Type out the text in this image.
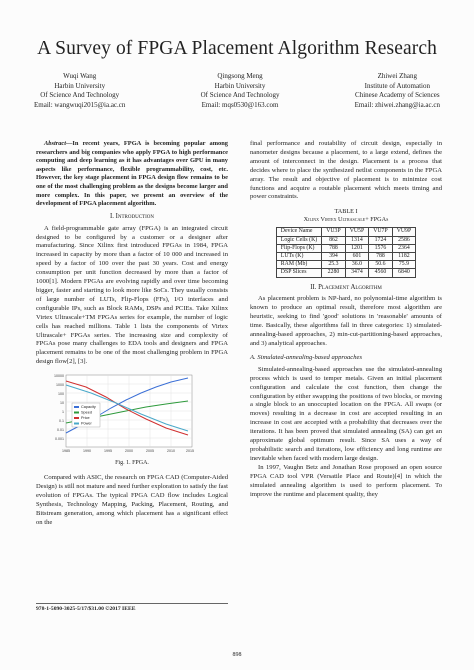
A Survey of FPGA Placement Algorithm Research
Wuqi Wang
Harbin University
Of Science And Technology
Email: wangwuqi2015@ia.ac.cn
Qingsong Meng
Harbin University
Of Science And Technology
Email: mqs0530@163.com
Zhiwei Zhang
Institute of Automation
Chinese Academy of Sciences
Email: zhiwei.zhang@ia.ac.cn
Abstract—In recent years, FPGA is becoming popular among researchers and big companies who apply FPGA to high performance computing and deep learning as it has advantages over GPU in many aspects like performance, flexible programmability, cost, etc. However, the key stage placement in FPGA design flow remains to be one of the most challenging problem as the designs become larger and more complex. In this paper, we present an overview of the development of FPGA placement algorithm.
I. Introduction

A field-programmable gate array (FPGA) is an integrated circuit designed to be configured by a customer or a designer after manufacturing. Since Xilinx first introduced FPGAs in 1984, FPGA increased in capacity by more than a factor of 10 000 and increased in speed by a factor of 100 over the past 30 years. Cost and energy consumption per unit function decreased by more than a factor of 1000[1]. Modern FPGAs are evolving rapidly and over time becoming bigger, faster and starting to look more like SoCs. They usually consists of large number of LUTs, Flip-Flops (FFs), I/O interfaces and configurable IPs, such as Block RAMs, DSPs and PCIEs. Take Xilinx Virtex Ultrascale+TM FPGAs series for example, the number of logic cells has reached millions. Table 1 lists the components of Virtex Ultrascale+ FPGAs series. The increasing size and complexity of FPGAs pose many challenges to EDA tools and designers and FPGA placement remains to be one of the most challenging problem in FPGA design flow[2], [3].

10000
1000
100
10
1
0.1
0.01
0.001
1985	1990	1995	2000	2005	2010	2015
Capacity
Speed
Price
Power
Fig. 1. FPGA.

Compared with ASIC, the research on FPGA CAD (Computer-Aided Design) is still not mature and need further exploration to satisfy the fast evolution of FPGAs. The typical FPGA CAD flow includes Logical Synthesis, Technology Mapping, Packing, Placement, Routing, and Bitstream generation, among which placement has a significant effect on the

final performance and routability of circuit design, especially in nanometer designs because a placement, to a large extend, defines the amount of interconnect in the design. Placement is a process that decides where to place the synthesized netlist components in the FPGA array. The result and objective of placement is to minimize cost functions and acquire a routable placement which meets timing and power constraints.

TABLE I
Xilinx Virtex Ultrascale+ FPGAs
Device Name	VU3P	VU5P	VU7P	VU9P
Logic Cells (K)	862	1314	1724	2586
Flip-Flops (K)	788	1201	1576	2364
LUTs (K)	394	601	788	1182
RAM (Mb)	25.3	36.0	50.6	75.9
DSP Slices	2280	3474	4560	6840
II. Placement Algorithm

As placement problem is NP-hard, no polynomial-time algorithm is known to produce an optimal result, therefore most algorithm are heuristic, seeking to find 'good' solutions in 'reasonable' amounts of time. Basically, these algorithms fall in three categories: 1) simulated-annealing-based approaches, 2) min-cut-partitioning-based approaches, and 3) analytical approaches.

A. Simulated-annealing-based approaches

Simulated-annealing-based approaches use the simulated-annealing process which is used to temper metals. Given an initial placement configuration and calculate the cost function, then change the configuration by either swapping the positions of two blocks, or moving a single block to an unoccupied location on the FPGA. All swaps (or moves) resulting in a decrease in cost are accepted resulting in an increase in cost are accepted with a probability that decreases over the iterations. It has been proved that simulated annealing (SA) can get an approximate global optimum result. Since SA uses a way of probabilistic search and iterations, low efficiency and long runtime are inevitable when faced with modern large design.

In 1997, Vaughn Betz and Jonathan Rose proposed an open source FPGA CAD tool VPR (Versatile Place and Route)[4] in which the simulated annealing algorithm is used to perform placement. To improve the runtime and placement quality, they

978-1-5090-3025-5/17/$31.00 ©2017 IEEE
898
